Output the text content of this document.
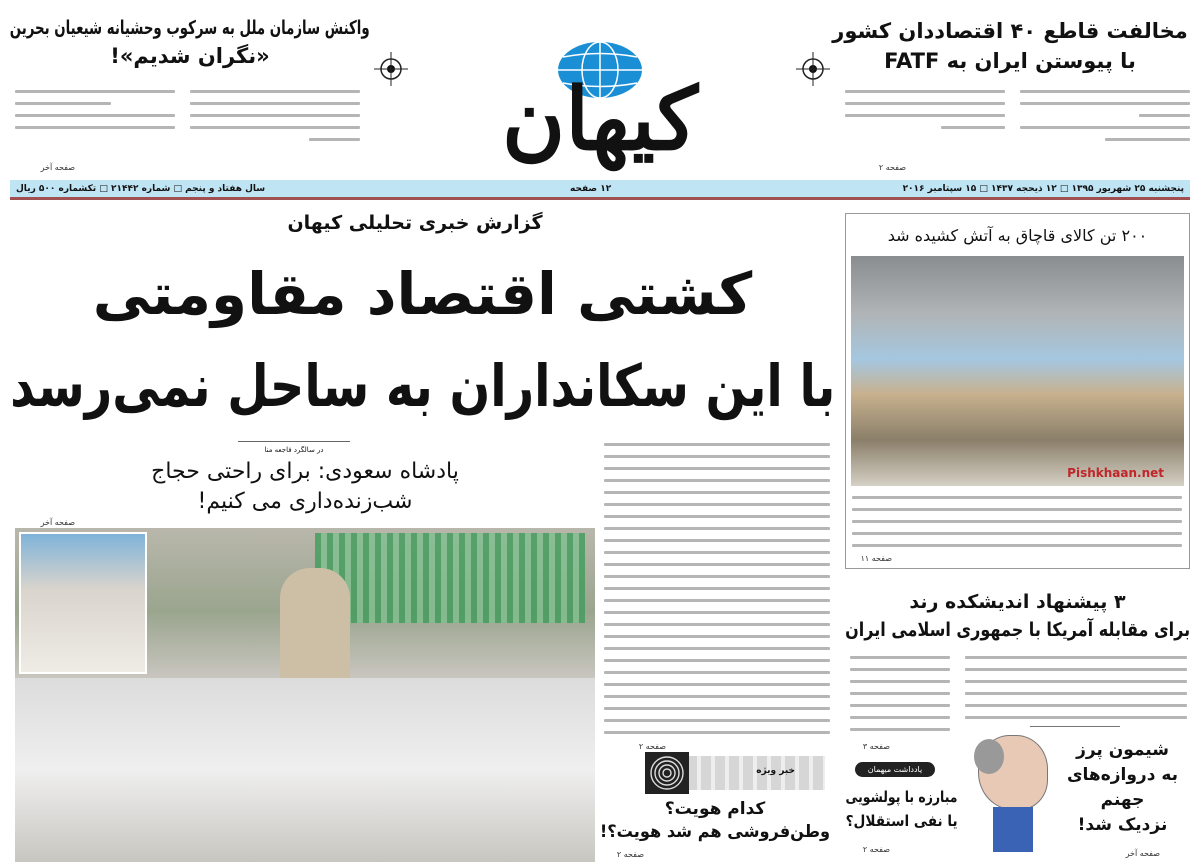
واکنش سازمان ملل به سرکوب وحشیانه شیعیان بحرین
«نگران شدیم»!
صفحه آخر	کیهان
مخالفت قاطع ۴۰ اقتصاددان کشور
با پیوستن ایران به FATF
صفحه ۲
سال هفتاد و پنجم □ شماره ۲۱۴۴۲ □ تکشماره ۵۰۰ ریال	۱۲ صفحه	پنجشنبه ۲۵ شهریور ۱۳۹۵ □ ۱۲ ذیحجه ۱۴۳۷ □ ۱۵ سپتامبر ۲۰۱۶
گزارش خبری تحلیلی کیهان
کشتی اقتصاد مقاومتی
با این سکانداران به ساحل نمی‌رسد
در سالگرد فاجعه منا
پادشاه سعودی: برای راحتی حجاج
شب‌زنده‌داری می کنیم!
صفحه آخر
صفحه ۲
خبر ویژه
کدام هویت؟
وطن‌فروشی هم شد هویت؟!
صفحه ۲
۲۰۰ تن کالای قاچاق به آتش کشیده شد
Pishkhaan.net
صفحه ۱۱
۳ پیشنهاد اندیشکده رند
برای مقابله آمریکا با جمهوری اسلامی ایران
صفحه ۳
یادداشت میهمان
مبارزه با پولشویی
یا نفی استقلال؟
صفحه ۲
شیمون پرز
به دروازه‌های
جهنم
نزدیک شد!
صفحه آخر
